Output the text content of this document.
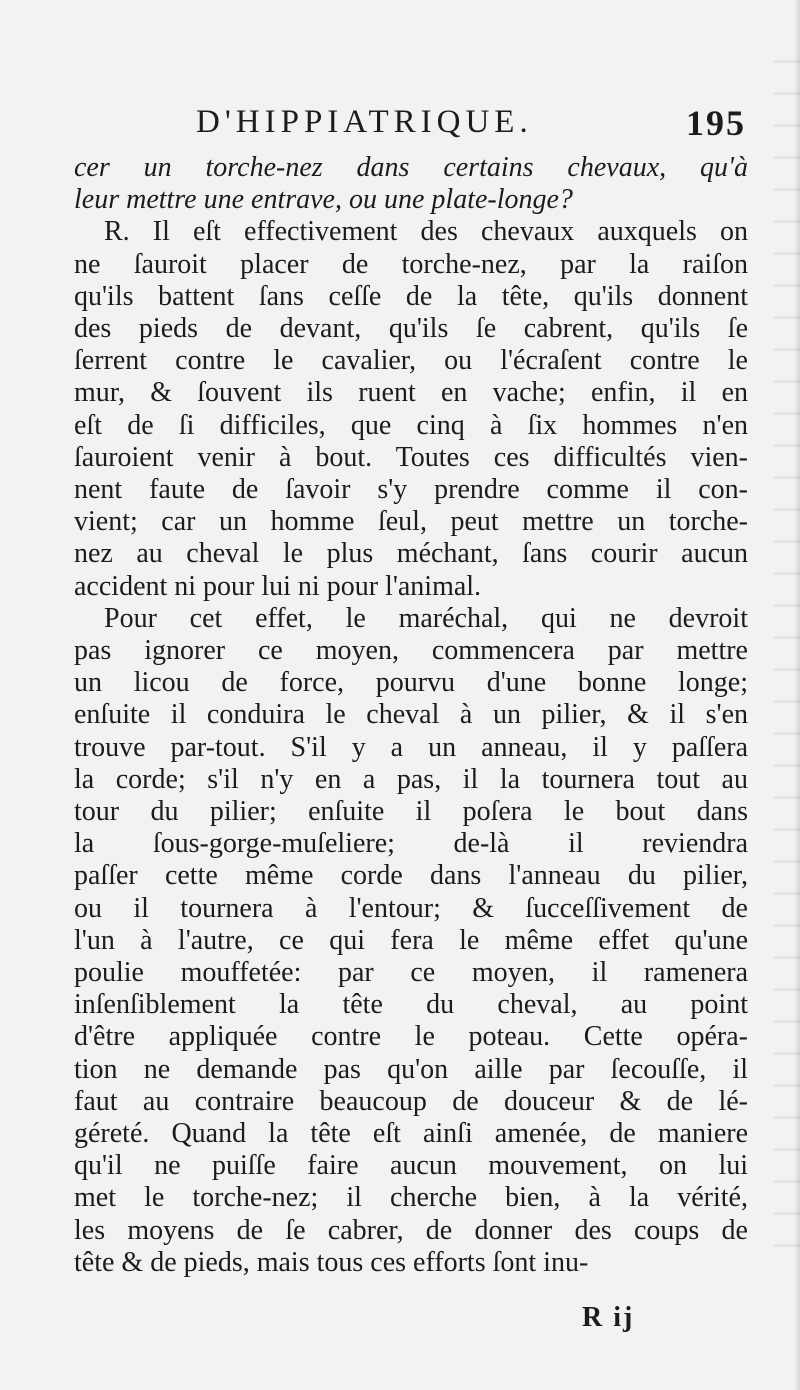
D'HIPPIATRIQUE.	195
cer un torche-nez dans certains chevaux, qu'à
leur mettre une entrave, ou une plate-longe?
R. Il eſt effectivement des chevaux auxquels on
ne ſauroit placer de torche-nez, par la raiſon
qu'ils battent ſans ceſſe de la tête, qu'ils donnent
des pieds de devant, qu'ils ſe cabrent, qu'ils ſe
ſerrent contre le cavalier, ou l'écraſent contre le
mur, & ſouvent ils ruent en vache; enfin, il en
eſt de ſi difficiles, que cinq à ſix hommes n'en
ſauroient venir à bout. Toutes ces difficultés vien-
nent faute de ſavoir s'y prendre comme il con-
vient; car un homme ſeul, peut mettre un torche-
nez au cheval le plus méchant, ſans courir aucun
accident ni pour lui ni pour l'animal.
Pour cet effet, le maréchal, qui ne devroit
pas ignorer ce moyen, commencera par mettre
un licou de force, pourvu d'une bonne longe;
enſuite il conduira le cheval à un pilier, & il s'en
trouve par-tout. S'il y a un anneau, il y paſſera
la corde; s'il n'y en a pas, il la tournera tout au
tour du pilier; enſuite il poſera le bout dans
la ſous-gorge-muſeliere; de-là il reviendra
paſſer cette même corde dans l'anneau du pilier,
ou il tournera à l'entour; & ſucceſſivement de
l'un à l'autre, ce qui fera le même effet qu'une
poulie mouffetée: par ce moyen, il ramenera
inſenſiblement la tête du cheval, au point
d'être appliquée contre le poteau. Cette opéra-
tion ne demande pas qu'on aille par ſecouſſe, il
faut au contraire beaucoup de douceur & de lé-
géreté. Quand la tête eſt ainſi amenée, de maniere
qu'il ne puiſſe faire aucun mouvement, on lui
met le torche-nez; il cherche bien, à la vérité,
les moyens de ſe cabrer, de donner des coups de
tête & de pieds, mais tous ces efforts ſont inu-
R ij
